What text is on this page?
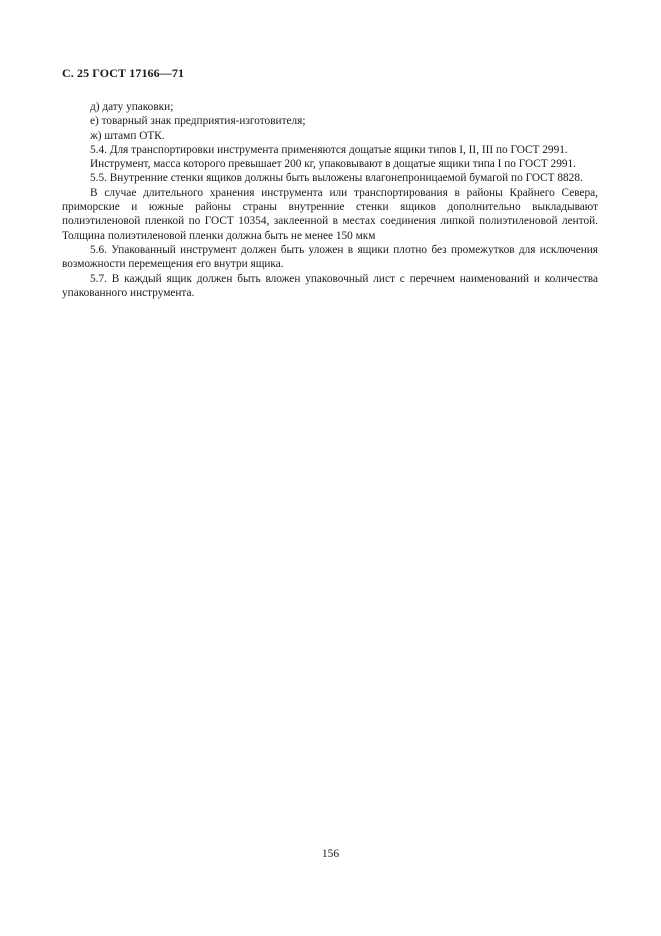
С. 25 ГОСТ 17166—71

д) дату упаковки;

е) товарный знак предприятия-изготовителя;

ж) штамп ОТК.

5.4. Для транспортировки инструмента применяются дощатые ящики типов I, II, III по ГОСТ 2991.

Инструмент, масса которого превышает 200 кг, упаковывают в дощатые ящики типа I по ГОСТ 2991.

5.5. Внутренние стенки ящиков должны быть выложены влагонепроницаемой бумагой по ГОСТ 8828.

В случае длительного хранения инструмента или транспортирования в районы Крайнего Севера, приморские и южные районы страны внутренние стенки ящиков дополнительно выкладывают полиэтиленовой пленкой по ГОСТ 10354, заклеенной в местах соединения липкой полиэтиленовой лентой. Толщина полиэтиленовой пленки должна быть не менее 150 мкм

5.6. Упакованный инструмент должен быть уложен в ящики плотно без промежутков для исключения возможности перемещения его внутри ящика.

5.7. В каждый ящик должен быть вложен упаковочный лист с перечнем наименований и количества упакованного инструмента.

156
